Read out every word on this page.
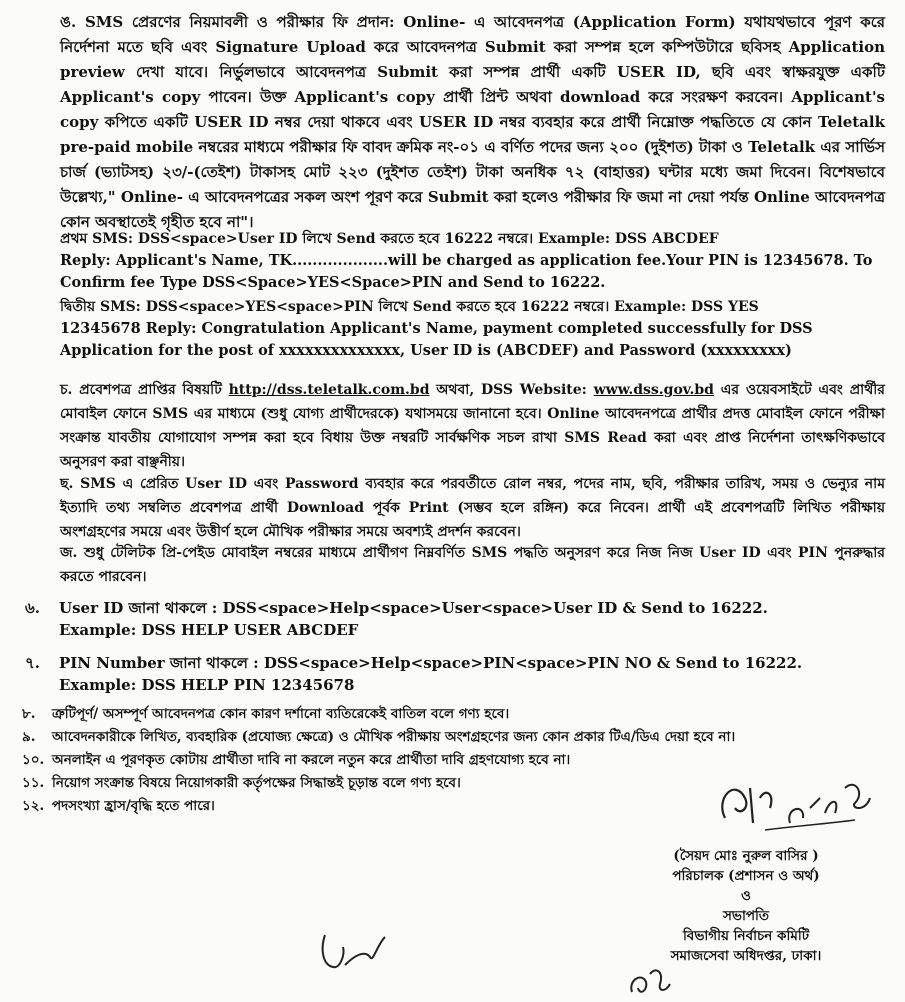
ঙ. SMS প্রেরণের নিয়মাবলী ও পরীক্ষার ফি প্রদান: Online- এ আবেদনপত্র (Application Form) যথাযথভাবে পূরণ করে নির্দেশনা মতে ছবি এবং Signature Upload করে আবেদনপত্র Submit করা সম্পন্ন হলে কম্পিউটারে ছবিসহ Application preview দেখা যাবে। নির্ভুলভাবে আবেদনপত্র Submit করা সম্পন্ন প্রার্থী একটি USER ID, ছবি এবং স্বাক্ষরযুক্ত একটি Applicant's copy পাবেন। উক্ত Applicant's copy প্রার্থী প্রিন্ট অথবা download করে সংরক্ষণ করবেন। Applicant's copy কপিতে একটি USER ID নম্বর দেয়া থাকবে এবং USER ID নম্বর ব্যবহার করে প্রার্থী নিম্নোক্ত পদ্ধতিতে যে কোন Teletalk pre-paid mobile নম্বরের মাধ্যমে পরীক্ষার ফি বাবদ ক্রমিক নং-০১ এ বর্ণিত পদের জন্য ২০০ (দুইশত) টাকা ও Teletalk এর সার্ভিস চার্জ (ভ্যাটসহ) ২৩/-(তেইশ) টাকাসহ মোট ২২৩ (দুইশত তেইশ) টাকা অনধিক ৭২ (বাহাত্তর) ঘন্টার মধ্যে জমা দিবেন। বিশেষভাবে উল্লেখ্য," Online- এ আবেদনপত্রের সকল অংশ পূরণ করে Submit করা হলেও পরীক্ষার ফি জমা না দেয়া পর্যন্ত Online আবেদনপত্র কোন অবস্থাতেই গৃহীত হবে না"।

প্রথম SMS: DSS<space>User ID লিখে Send করতে হবে 16222 নম্বরে। Example: DSS ABCDEF
Reply: Applicant's Name, TK...................will be charged as application fee.Your PIN is 12345678. To
Confirm fee Type DSS<Space>YES<Space>PIN and Send to 16222.
দ্বিতীয় SMS: DSS<space>YES<space>PIN লিখে Send করতে হবে 16222 নম্বরে। Example: DSS YES
12345678 Reply: Congratulation Applicant's Name, payment completed successfully for DSS
Application for the post of xxxxxxxxxxxxxx, User ID is (ABCDEF) and Password (xxxxxxxxx)

চ. প্রবেশপত্র প্রাপ্তির বিষয়টি http://dss.teletalk.com.bd অথবা, DSS Website: www.dss.gov.bd এর ওয়েবসাইটে এবং প্রার্থীর মোবাইল ফোনে SMS এর মাধ্যমে (শুধু যোগ্য প্রার্থীদেরকে) যথাসময়ে জানানো হবে। Online আবেদনপত্রে প্রার্থীর প্রদত্ত মোবাইল ফোনে পরীক্ষা সংক্রান্ত যাবতীয় যোগাযোগ সম্পন্ন করা হবে বিধায় উক্ত নম্বরটি সার্বক্ষণিক সচল রাখা SMS Read করা এবং প্রাপ্ত নির্দেশনা তাৎক্ষণিকভাবে অনুসরণ করা বাঞ্ছনীয়।

ছ. SMS এ প্রেরিত User ID এবং Password ব্যবহার করে পরবর্তীতে রোল নম্বর, পদের নাম, ছবি, পরীক্ষার তারিখ, সময় ও ভেন্যুর নাম ইত্যাদি তথ্য সম্বলিত প্রবেশপত্র প্রার্থী Download পূর্বক Print (সম্ভব হলে রঙ্গিন) করে নিবেন। প্রার্থী এই প্রবেশপত্রটি লিখিত পরীক্ষায় অংশগ্রহণের সময়ে এবং উত্তীর্ণ হলে মৌখিক পরীক্ষার সময়ে অবশ্যই প্রদর্শন করবেন।

জ. শুধু টেলিটক প্রি-পেইড মোবাইল নম্বরের মাধ্যমে প্রার্থীগণ নিম্নবর্ণিত SMS পদ্ধতি অনুসরণ করে নিজ নিজ User ID এবং PIN পুনরুদ্ধার করতে পারবেন।

৬. User ID জানা থাকলে : DSS<space>Help<space>User<space>User ID & Send to 16222.
Example: DSS HELP USER ABCDEF
৭. PIN Number জানা থাকলে : DSS<space>Help<space>PIN<space>PIN NO & Send to 16222.
Example: DSS HELP PIN 12345678
৮. ত্রুটিপূর্ণ/ অসম্পূর্ণ আবেদনপত্র কোন কারণ দর্শানো ব্যতিরেকেই বাতিল বলে গণ্য হবে।
৯. আবেদনকারীকে লিখিত, ব্যবহারিক (প্রযোজ্য ক্ষেত্রে) ও মৌখিক পরীক্ষায় অংশগ্রহণের জন্য কোন প্রকার টিএ/ডিএ দেয়া হবে না।
১০. অনলাইন এ পূরণকৃত কোটায় প্রার্থীতা দাবি না করলে নতুন করে প্রার্থীতা দাবি গ্রহণযোগ্য হবে না।
১১. নিয়োগ সংক্রান্ত বিষয়ে নিয়োগকারী কর্তৃপক্ষের সিদ্ধান্তই চূড়ান্ত বলে গণ্য হবে।
১২. পদসংখ্যা হ্রাস/বৃদ্ধি হতে পারে।
(সৈয়দ মোঃ নুরুল বাসির )
পরিচালক (প্রশাসন ও অর্থ)
ও
সভাপতি
বিভাগীয় নির্বাচন কমিটি
সমাজসেবা অধিদপ্তর, ঢাকা।
